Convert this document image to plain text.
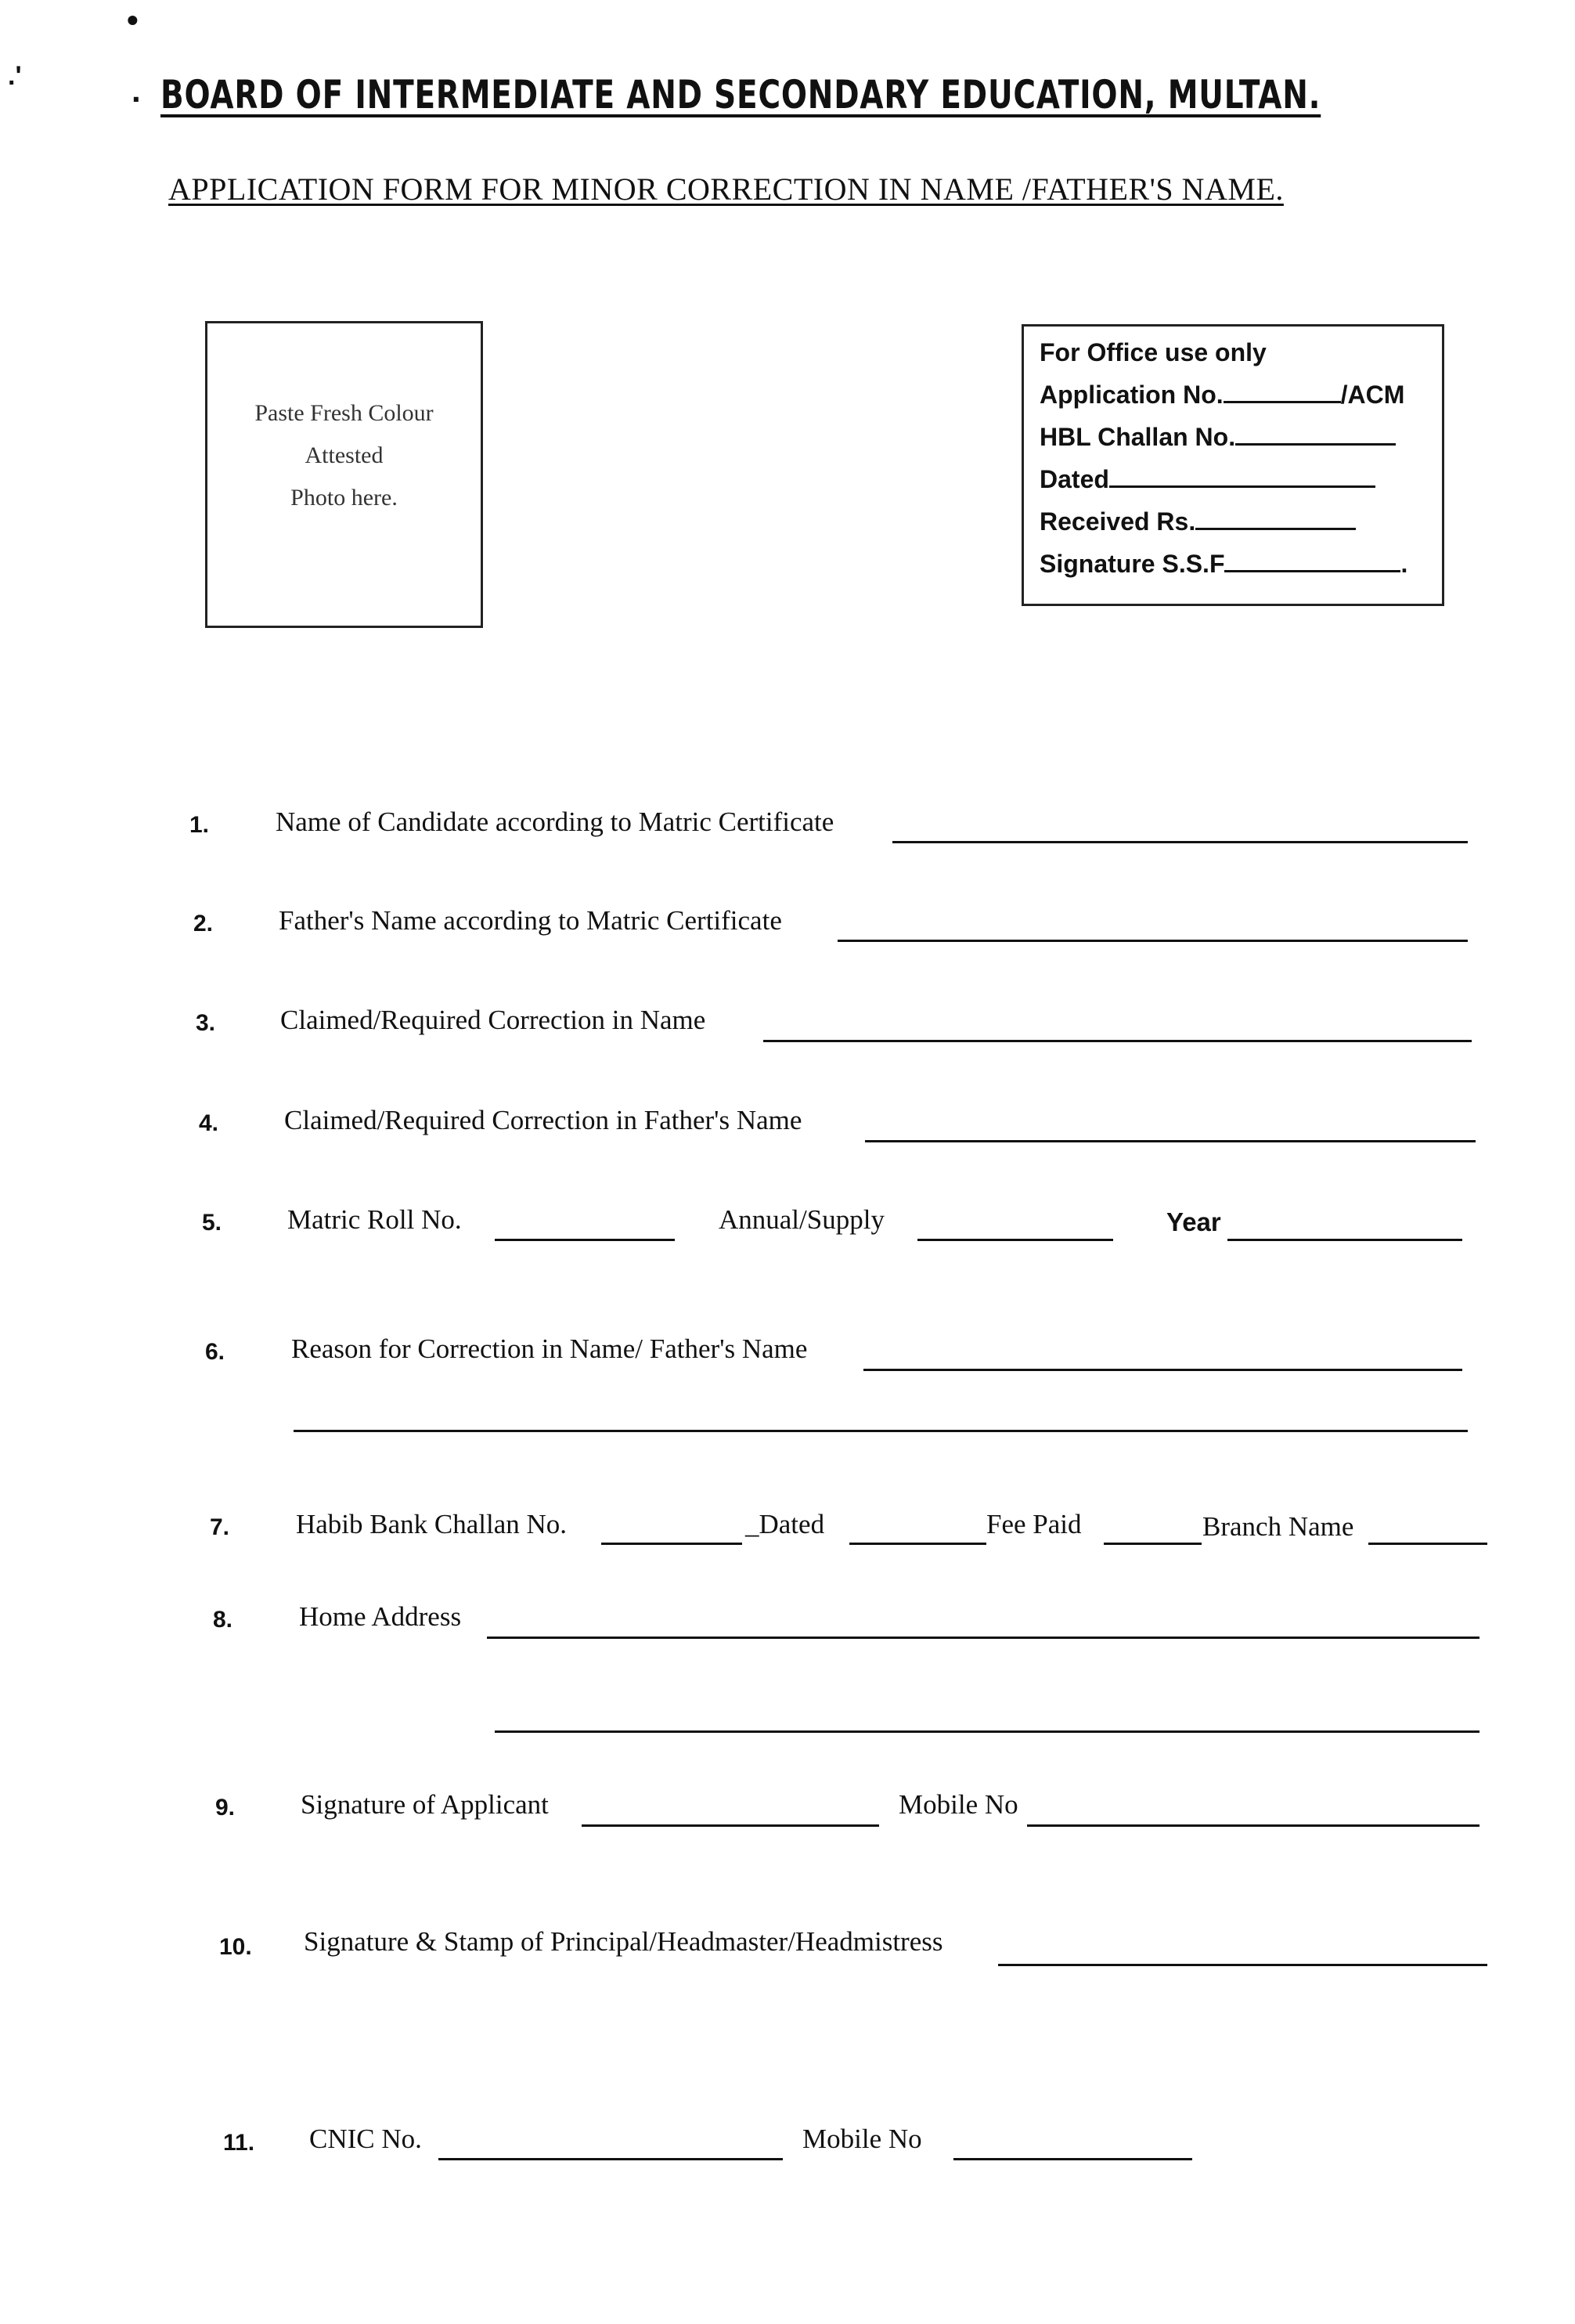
•
.'	. BOARD OF INTERMEDIATE AND SECONDARY EDUCATION, MULTAN.
APPLICATION FORM FOR MINOR CORRECTION IN NAME /FATHER'S NAME.
Paste Fresh Colour
Attested
Photo here.
For Office use only
Application No.	/ACM
HBL Challan No.
Dated
Received Rs.
Signature S.S.F	.
1. Name of Candidate according to Matric Certificate
2. Father's Name according to Matric Certificate
3. Claimed/Required Correction in Name
4. Claimed/Required Correction in Father's Name
5. Matric Roll No.	Annual/Supply	Year
6. Reason for Correction in Name/ Father's Name
7. Habib Bank Challan No.	_Dated	Fee Paid	Branch Name
8. Home Address
9. Signature of Applicant	Mobile No
10. Signature & Stamp of Principal/Headmaster/Headmistress
11. CNIC No.	Mobile No
